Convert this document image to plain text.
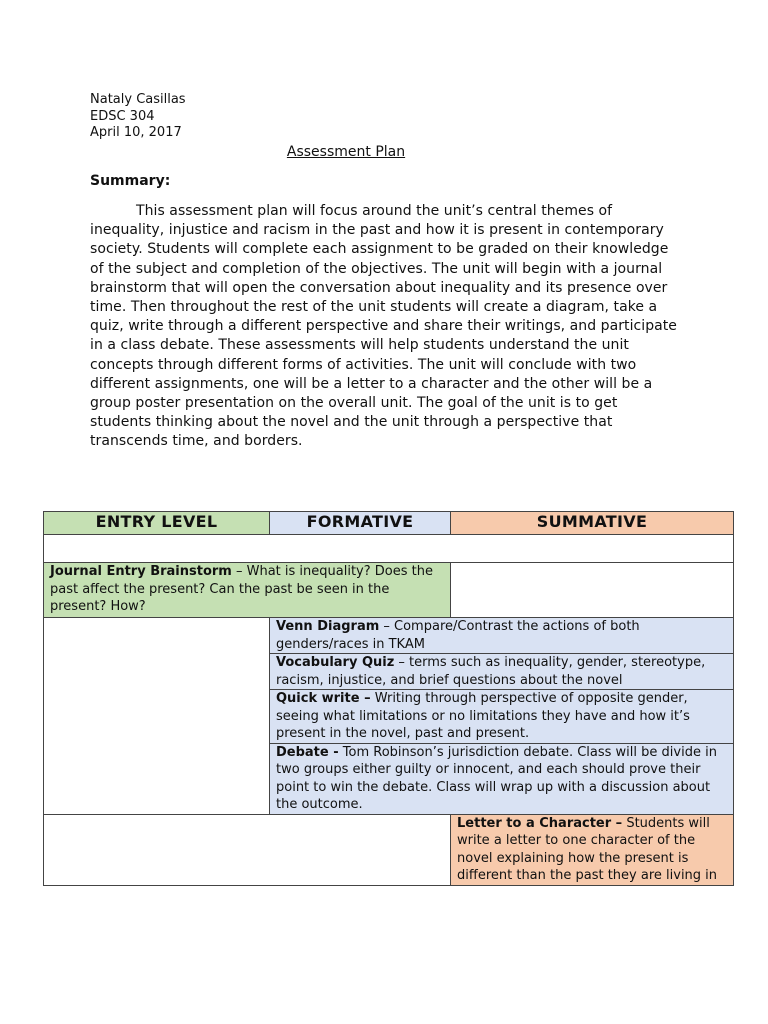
Nataly Casillas
EDSC 304
April 10, 2017
Assessment Plan
Summary:

This assessment plan will focus around the unit’s central themes of inequality, injustice and racism in the past and how it is present in contemporary society. Students will complete each assignment to be graded on their knowledge of the subject and completion of the objectives. The unit will begin with a journal brainstorm that will open the conversation about inequality and its presence over time. Then throughout the rest of the unit students will create a diagram, take a quiz, write through a different perspective and share their writings, and participate in a class debate. These assessments will help students understand the unit concepts through different forms of activities. The unit will conclude with two different assignments, one will be a letter to a character and the other will be a group poster presentation on the overall unit. The goal of the unit is to get students thinking about the novel and the unit through a perspective that transcends time, and borders.

ENTRY LEVEL	FORMATIVE	SUMMATIVE

Journal Entry Brainstorm – What is inequality? Does the past affect the present? Can the past be seen in the present? How?		
	Venn Diagram – Compare/Contrast the actions of both genders/races in TKAM	
	Vocabulary Quiz – terms such as inequality, gender, stereotype, racism, injustice, and brief questions about the novel	
	Quick write – Writing through perspective of opposite gender, seeing what limitations or no limitations they have and how it’s present in the novel, past and present.	
	Debate - Tom Robinson’s jurisdiction debate. Class will be divide in two groups either guilty or innocent, and each should prove their point to win the debate. Class will wrap up with a discussion about the outcome.	
		Letter to a Character – Students will write a letter to one character of the novel explaining how the present is different than the past they are living in
